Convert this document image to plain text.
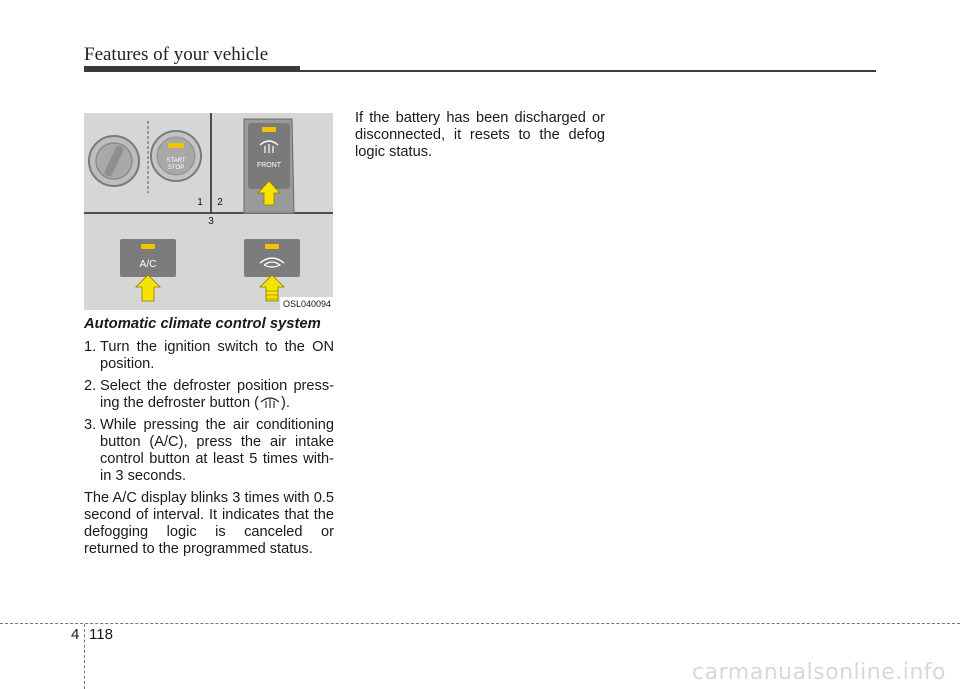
Features of your vehicle
START
STOP
1 2
3
FRONT
A/C
OSL040094

Automatic climate control system

1. Turn the ignition switch to the ON position.
2. Select the defroster position press-ing the defroster button ( ).
3. While pressing the air conditioning button (A/C), press the air intake control button at least 5 times with-in 3 seconds.

The A/C display blinks 3 times with 0.5 second of interval. It indicates that the defogging logic is canceled or returned to the programmed status.

If the battery has been discharged or disconnected, it resets to the defog logic status.

4 118
carmanualsonline.info
